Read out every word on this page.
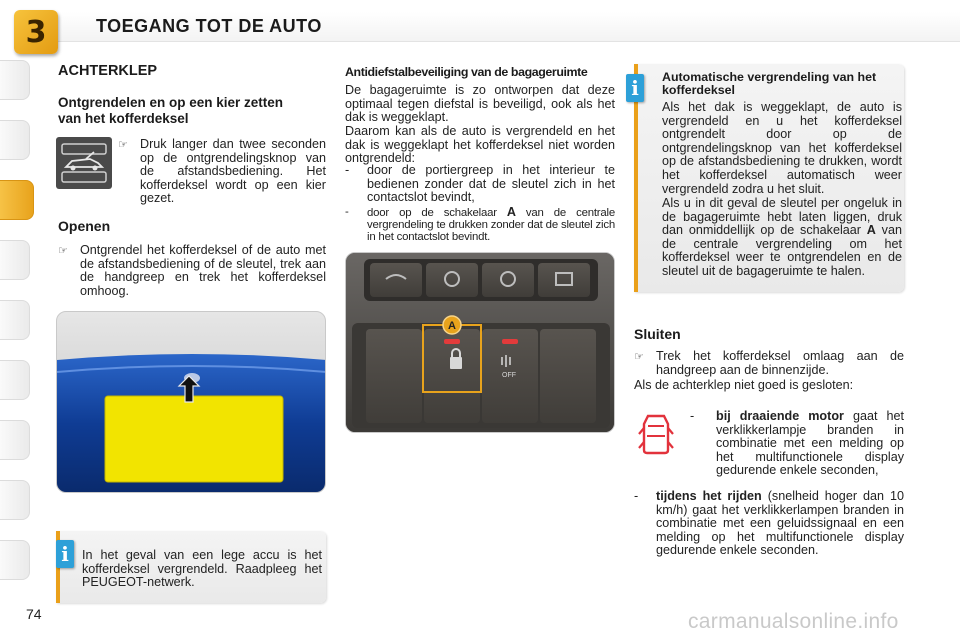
3	TOEGANG TOT DE AUTO
ACHTERKLEP
Ontgrendelen en op een kier zetten van het kofferdeksel
☞ Druk langer dan twee seconden op de ontgrendelingsknop van de afstandsbediening. Het kofferdeksel wordt op een kier gezet.
Openen
☞ Ontgrendel het kofferdeksel of de auto met de afstandsbediening of de sleutel, trek aan de handgreep en trek het kofferdeksel omhoog.
In het geval van een lege accu is het kofferdeksel vergrendeld. Raadpleeg het PEUGEOT-netwerk.
i
Antidiefstalbeveiliging van de bagageruimte
De bagageruimte is zo ontworpen dat deze optimaal tegen diefstal is beveiligd, ook als het dak is weggeklapt.
Daarom kan als de auto is vergrendeld en het dak is weggeklapt het kofferdeksel niet worden ontgrendeld:
-	door de portiergreep in het interieur te bedienen zonder dat de sleutel zich in het contactslot bevindt,
-	door op de schakelaar A van de centrale vergrendeling te drukken zonder dat de sleutel zich in het contactslot bevindt.
OFF
A
Automatische vergrendeling van het kofferdeksel
Als het dak is weggeklapt, de auto is vergrendeld en u het kofferdeksel ontgrendelt door op de ontgrendelingsknop van het kofferdeksel op de afstandsbediening te drukken, wordt het kofferdeksel automatisch weer vergrendeld zodra u het sluit.
Als u in dit geval de sleutel per ongeluk in de bagageruimte hebt laten liggen, druk dan onmiddellijk op de schakelaar A van de centrale vergrendeling om het kofferdeksel weer te ontgrendelen en de sleutel uit de bagageruimte te halen.
i
Sluiten
☞ Trek het kofferdeksel omlaag aan de handgreep aan de binnenzijde.
Als de achterklep niet goed is gesloten:
-	bij draaiende motor gaat het verklikkerlampje branden in combinatie met een melding op het multifunctionele display gedurende enkele seconden,
-	tijdens het rijden (snelheid hoger dan 10 km/h) gaat het verklikkerlampen branden in combinatie met een geluidssignaal en een melding op het multifunctionele display gedurende enkele seconden.
74	carmanualsonline.info
